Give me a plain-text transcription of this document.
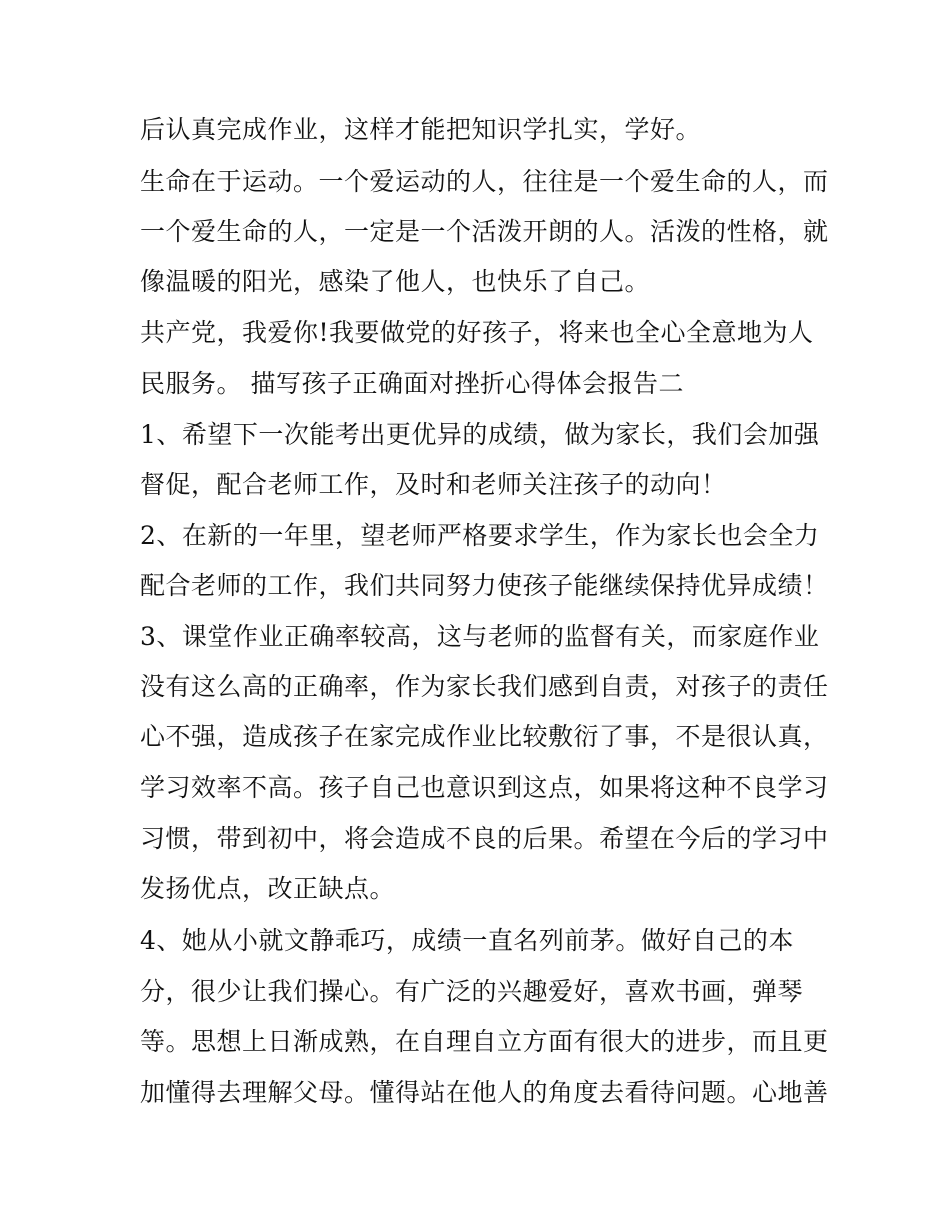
后认真完成作业，这样才能把知识学扎实，学好。
生命在于运动。一个爱运动的人，往往是一个爱生命的人，而
一个爱生命的人，一定是一个活泼开朗的人。活泼的性格，就
像温暖的阳光，感染了他人，也快乐了自己。
共产党，我爱你!我要做党的好孩子，将来也全心全意地为人
民服务。 描写孩子正确面对挫折心得体会报告二
1、希望下一次能考出更优异的成绩，做为家长，我们会加强
督促，配合老师工作，及时和老师关注孩子的动向！
2、在新的一年里，望老师严格要求学生，作为家长也会全力
配合老师的工作，我们共同努力使孩子能继续保持优异成绩！
3、课堂作业正确率较高，这与老师的监督有关，而家庭作业
没有这么高的正确率，作为家长我们感到自责，对孩子的责任
心不强，造成孩子在家完成作业比较敷衍了事，不是很认真，
学习效率不高。孩子自己也意识到这点，如果将这种不良学习
习惯，带到初中，将会造成不良的后果。希望在今后的学习中
发扬优点，改正缺点。
4、她从小就文静乖巧，成绩一直名列前茅。做好自己的本
分，很少让我们操心。有广泛的兴趣爱好，喜欢书画，弹琴
等。思想上日渐成熟，在自理自立方面有很大的进步，而且更
加懂得去理解父母。懂得站在他人的角度去看待问题。心地善
